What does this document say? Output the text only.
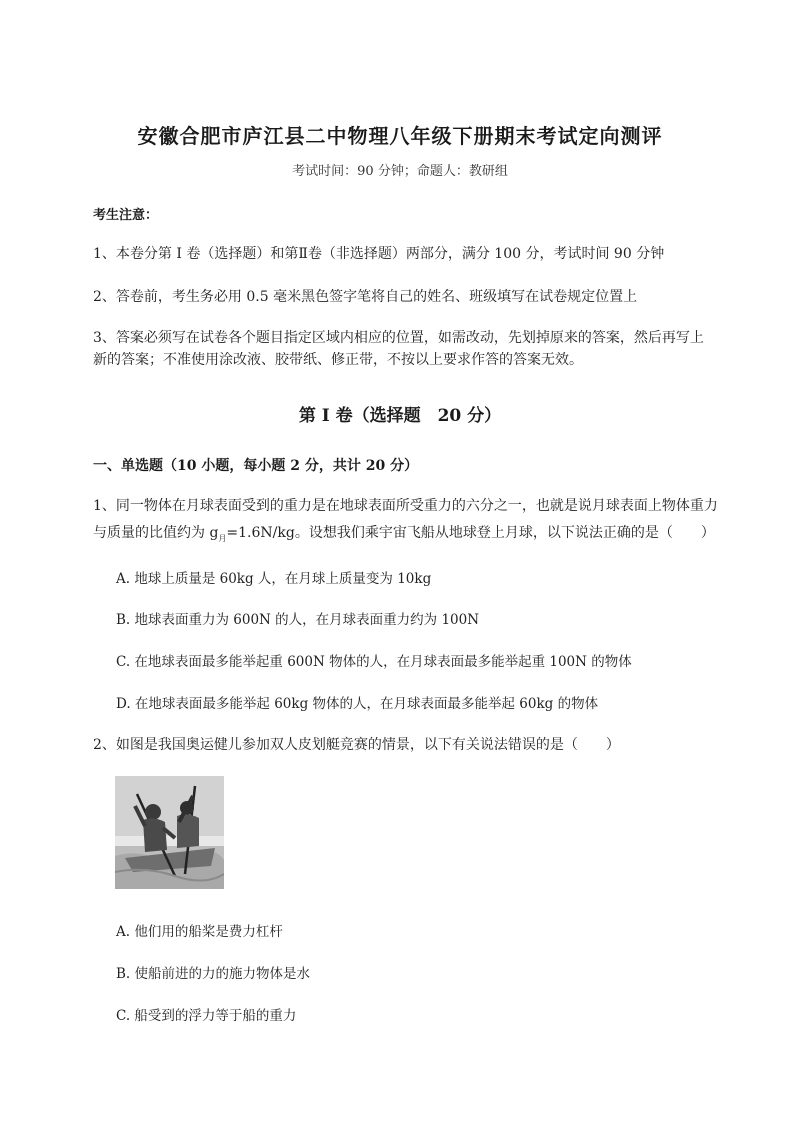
安徽合肥市庐江县二中物理八年级下册期末考试定向测评
考试时间：90 分钟；命题人：教研组
考生注意：
1、本卷分第 I 卷（选择题）和第Ⅱ卷（非选择题）两部分，满分 100 分，考试时间 90 分钟
2、答卷前，考生务必用 0.5 毫米黑色签字笔将自己的姓名、班级填写在试卷规定位置上
3、答案必须写在试卷各个题目指定区域内相应的位置，如需改动，先划掉原来的答案，然后再写上新的答案；不准使用涂改液、胶带纸、修正带，不按以上要求作答的答案无效。
第 I 卷（选择题　20 分）
一、单选题（10 小题，每小题 2 分，共计 20 分）
1、同一物体在月球表面受到的重力是在地球表面所受重力的六分之一，也就是说月球表面上物体重力
与质量的比值约为 $g_月=1.6N/kg$。设想我们乘宇宙飞船从地球登上月球，以下说法正确的是（　　）
A. 地球上质量是 60kg 人，在月球上质量变为 10kg
B. 地球表面重力为 600N 的人，在月球表面重力约为 100N
C. 在地球表面最多能举起重 600N 物体的人，在月球表面最多能举起重 100N 的物体
D. 在地球表面最多能举起 60kg 物体的人，在月球表面最多能举起 60kg 的物体
2、如图是我国奥运健儿参加双人皮划艇竞赛的情景，以下有关说法错误的是（　　）
A. 他们用的船桨是费力杠杆
B. 使船前进的力的施力物体是水
C. 船受到的浮力等于船的重力
